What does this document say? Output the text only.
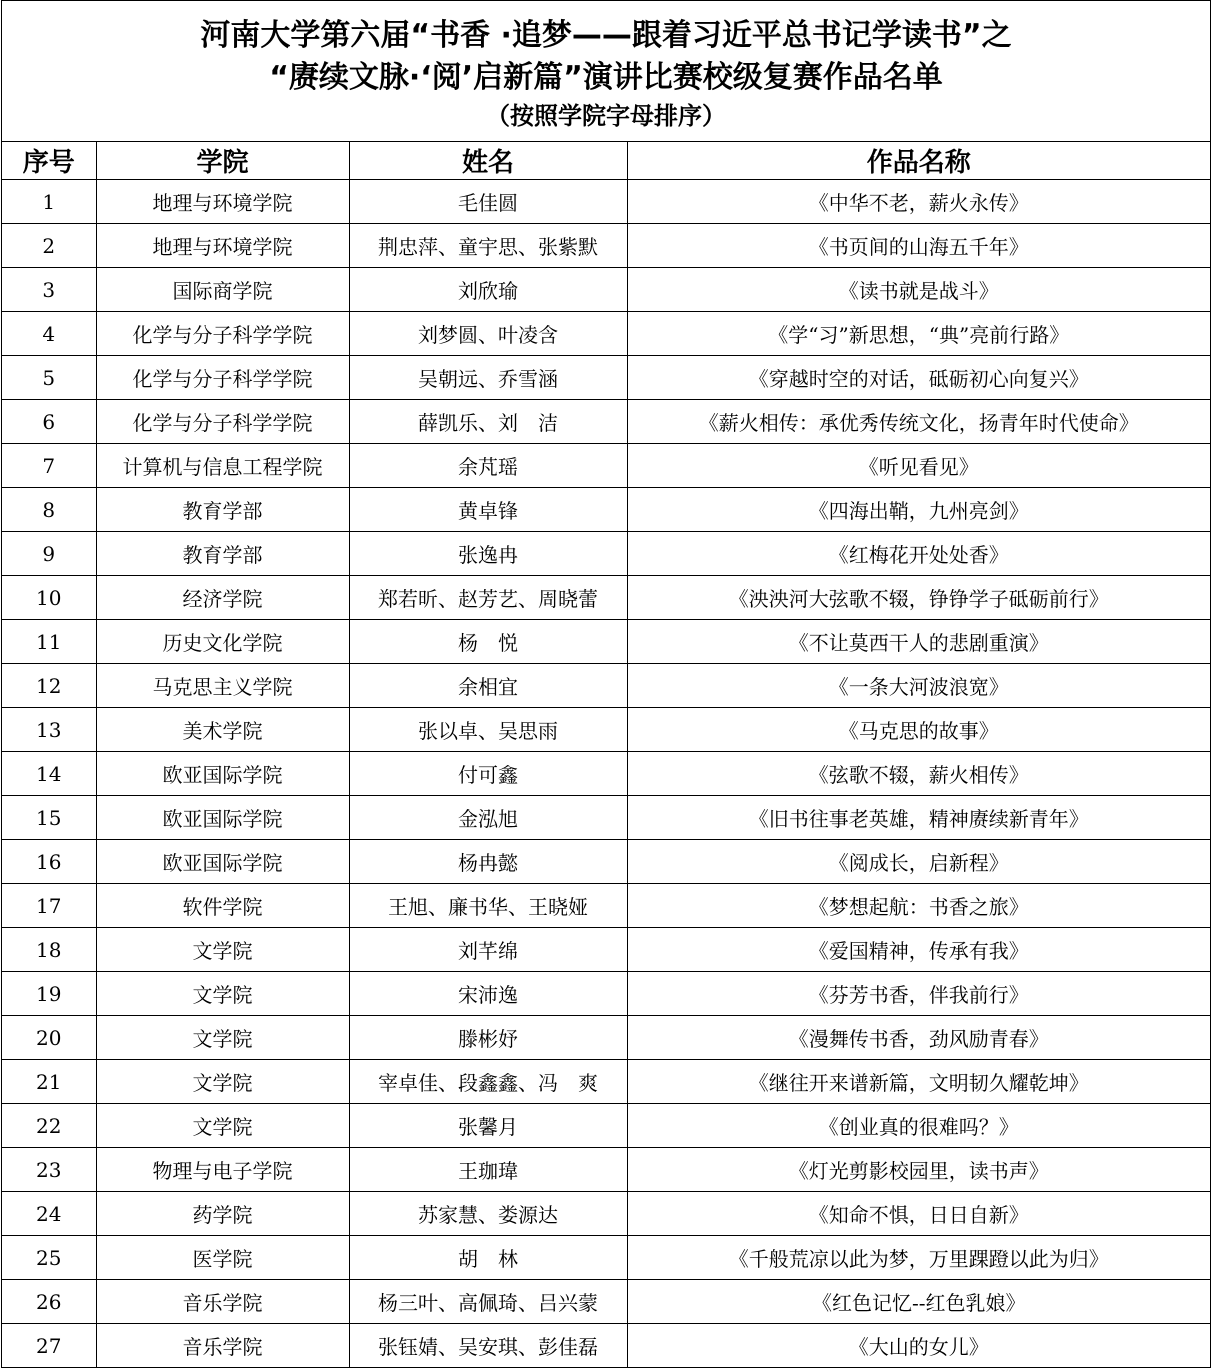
河南大学第六届“书香 ·追梦——跟着习近平总书记学读书”之
“赓续文脉·‘阅’启新篇”演讲比赛校级复赛作品名单
（按照学院字母排序）
序号	学院	姓名	作品名称
1	地理与环境学院	毛佳圆	《中华不老，薪火永传》
2	地理与环境学院	荆忠萍、童宇思、张紫默	《书页间的山海五千年》
3	国际商学院	刘欣瑜	《读书就是战斗》
4	化学与分子科学学院	刘梦圆、叶凌含	《学“习”新思想，“典”亮前行路》
5	化学与分子科学学院	吴朝远、乔雪涵	《穿越时空的对话，砥砺初心向复兴》
6	化学与分子科学学院	薛凯乐、刘　洁	《薪火相传：承优秀传统文化，扬青年时代使命》
7	计算机与信息工程学院	余芃瑶	《听见看见》
8	教育学部	黄卓锋	《四海出鞘，九州亮剑》
9	教育学部	张逸冉	《红梅花开处处香》
10	经济学院	郑若昕、赵芳艺、周晓蕾	《泱泱河大弦歌不辍，铮铮学子砥砺前行》
11	历史文化学院	杨　悦	《不让莫西干人的悲剧重演》
12	马克思主义学院	余相宜	《一条大河波浪宽》
13	美术学院	张以卓、吴思雨	《马克思的故事》
14	欧亚国际学院	付可鑫	《弦歌不辍，薪火相传》
15	欧亚国际学院	金泓旭	《旧书往事老英雄，精神赓续新青年》
16	欧亚国际学院	杨冉懿	《阅成长，启新程》
17	软件学院	王旭、廉书华、王晓娅	《梦想起航：书香之旅》
18	文学院	刘芊绵	《爱国精神，传承有我》
19	文学院	宋沛逸	《芬芳书香，伴我前行》
20	文学院	滕彬妤	《漫舞传书香，劲风励青春》
21	文学院	宰卓佳、段鑫鑫、冯　爽	《继往开来谱新篇，文明韧久耀乾坤》
22	文学院	张馨月	《创业真的很难吗？》
23	物理与电子学院	王珈瑋	《灯光剪影校园里，读书声》
24	药学院	苏家慧、娄源达	《知命不惧，日日自新》
25	医学院	胡　林	《千般荒凉以此为梦，万里踝蹬以此为归》
26	音乐学院	杨三叶、高佩琦、吕兴蒙	《红色记忆--红色乳娘》
27	音乐学院	张钰婧、吴安琪、彭佳磊	《大山的女儿》
